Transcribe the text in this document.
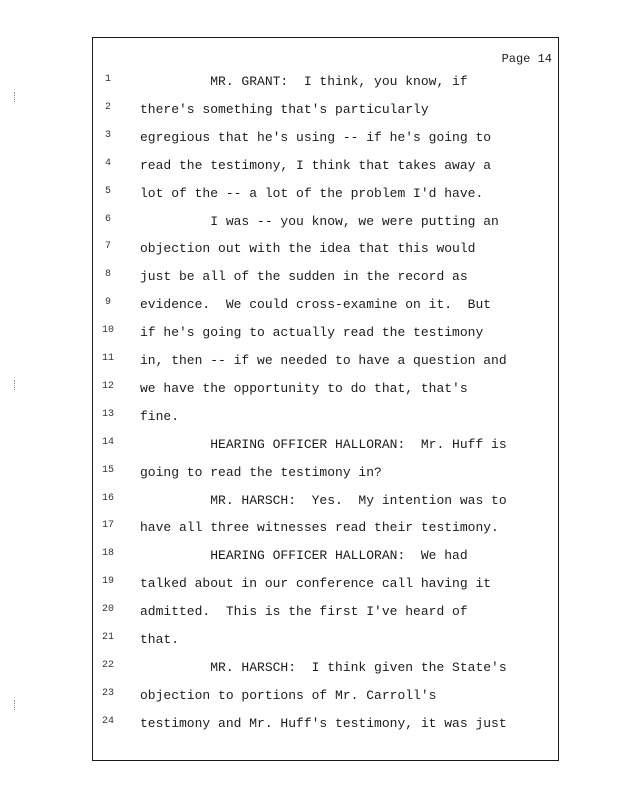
Page 14
1	MR. GRANT:  I think, you know, if
2	there's something that's particularly
3	egregious that he's using -- if he's going to
4	read the testimony, I think that takes away a
5	lot of the -- a lot of the problem I'd have.
6	I was -- you know, we were putting an
7	objection out with the idea that this would
8	just be all of the sudden in the record as
9	evidence.  We could cross-examine on it.  But
10	if he's going to actually read the testimony
11	in, then -- if we needed to have a question and
12	we have the opportunity to do that, that's
13	fine.
14	HEARING OFFICER HALLORAN:  Mr. Huff is
15	going to read the testimony in?
16	MR. HARSCH:  Yes.  My intention was to
17	have all three witnesses read their testimony.
18	HEARING OFFICER HALLORAN:  We had
19	talked about in our conference call having it
20	admitted.  This is the first I've heard of
21	that.
22	MR. HARSCH:  I think given the State's
23	objection to portions of Mr. Carroll's
24	testimony and Mr. Huff's testimony, it was just
